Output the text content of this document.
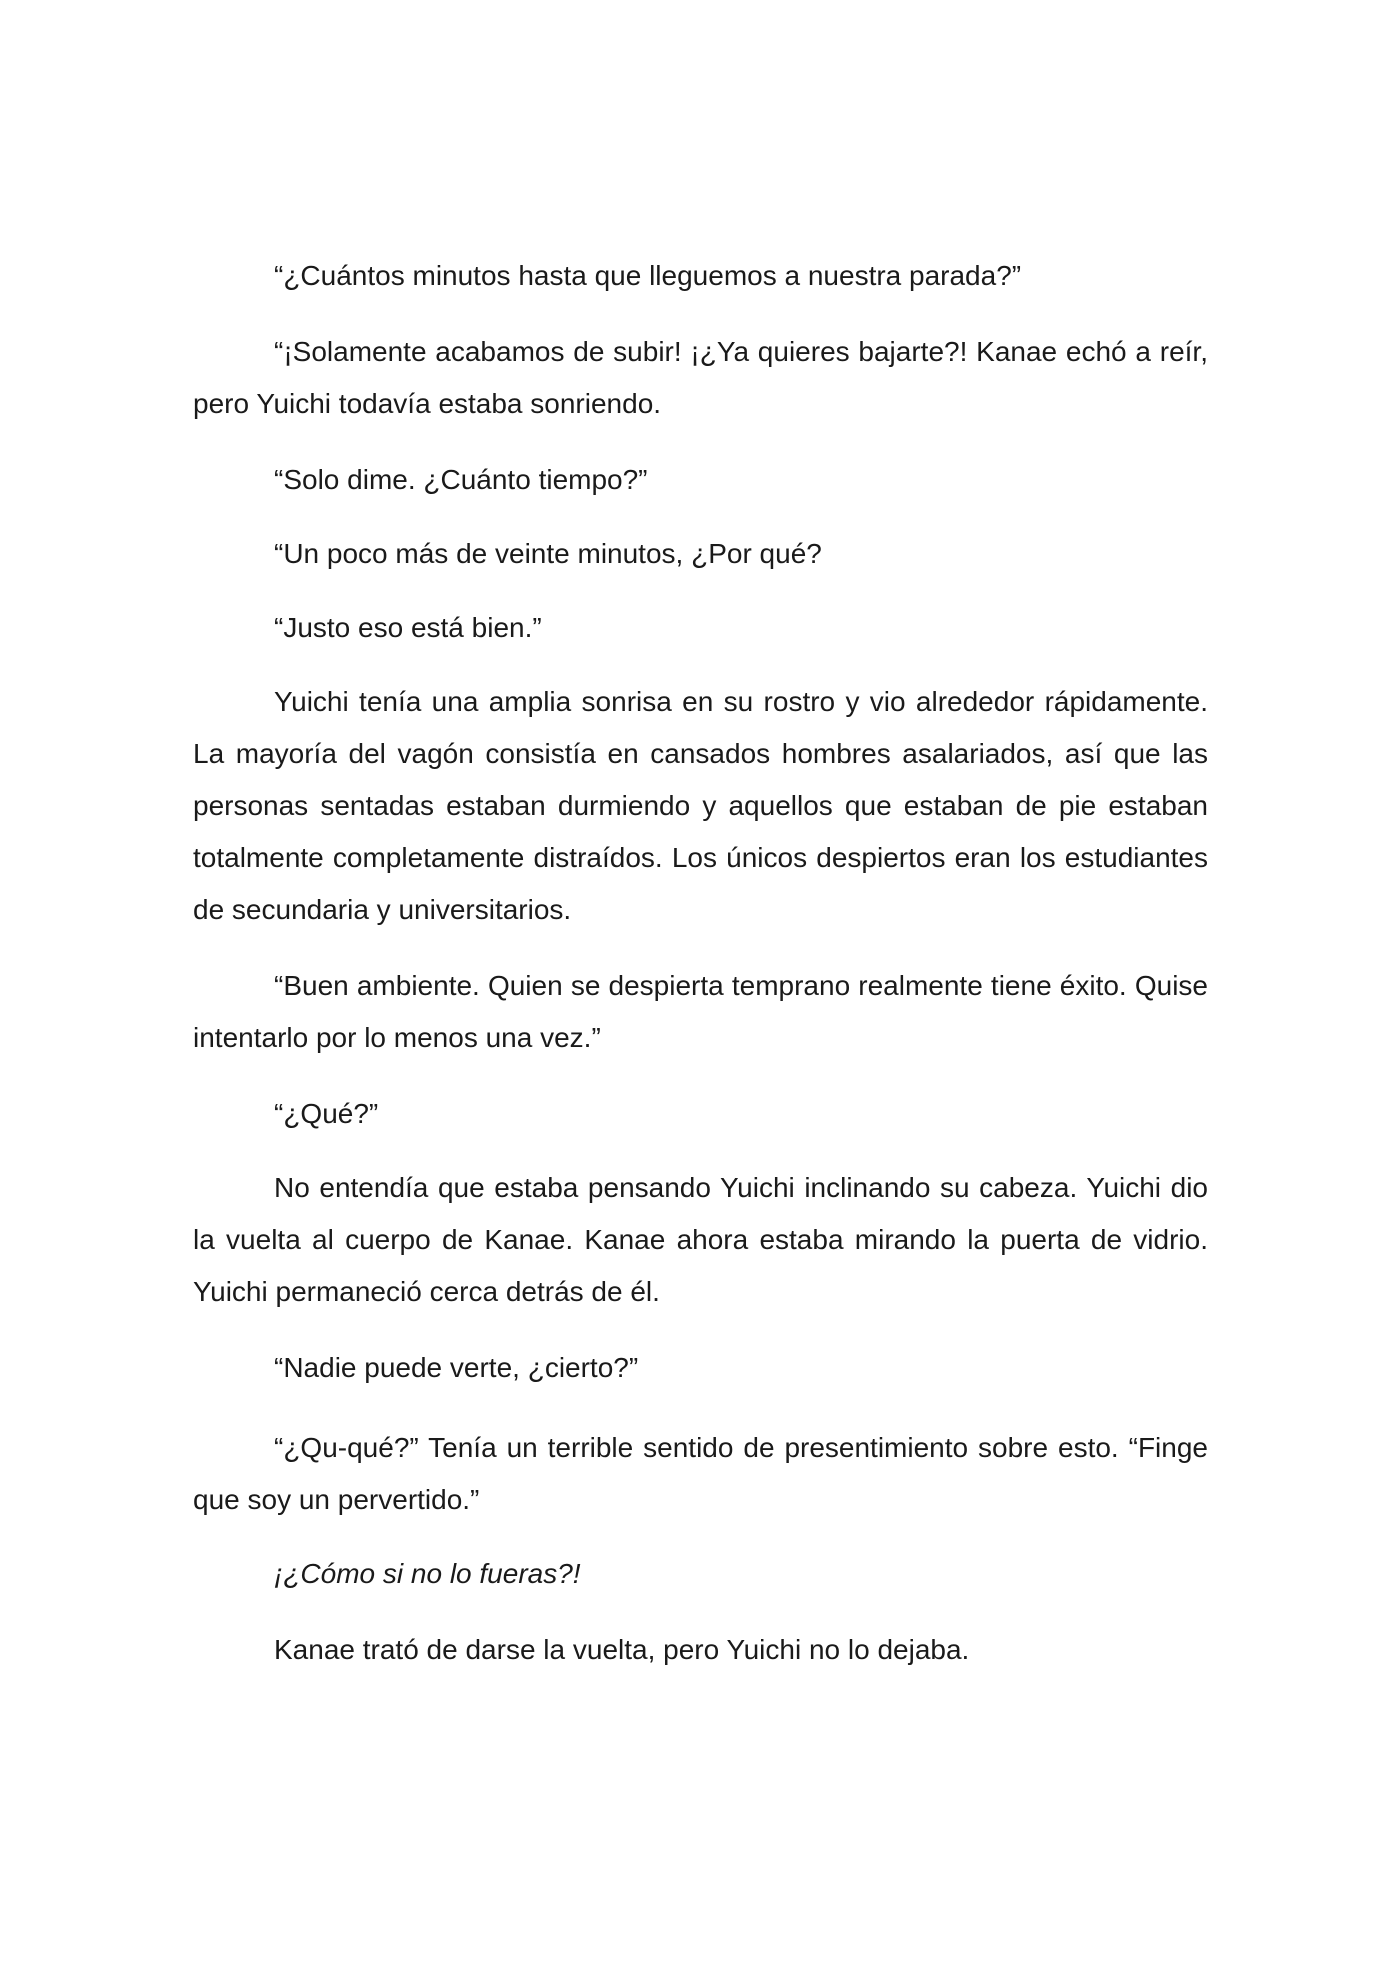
“¿Cuántos minutos hasta que lleguemos a nuestra parada?”

“¡Solamente acabamos de subir! ¡¿Ya quieres bajarte?! Kanae echó a reír, pero Yuichi todavía estaba sonriendo.

“Solo dime. ¿Cuánto tiempo?”

“Un poco más de veinte minutos, ¿Por qué?

“Justo eso está bien.”

Yuichi tenía una amplia sonrisa en su rostro y vio alrededor rápidamente. La mayoría del vagón consistía en cansados hombres asalariados, así que las personas sentadas estaban durmiendo y aquellos que estaban de pie estaban totalmente completamente distraídos. Los únicos despiertos eran los estudiantes de secundaria y universitarios.

“Buen ambiente. Quien se despierta temprano realmente tiene éxito. Quise intentarlo por lo menos una vez.”

“¿Qué?”

No entendía que estaba pensando Yuichi inclinando su cabeza. Yuichi dio la vuelta al cuerpo de Kanae. Kanae ahora estaba mirando la puerta de vidrio. Yuichi permaneció cerca detrás de él.

“Nadie puede verte, ¿cierto?”

“¿Qu-qué?” Tenía un terrible sentido de presentimiento sobre esto. “Finge que soy un pervertido.”

¡¿Cómo si no lo fueras?!

Kanae trató de darse la vuelta, pero Yuichi no lo dejaba.
